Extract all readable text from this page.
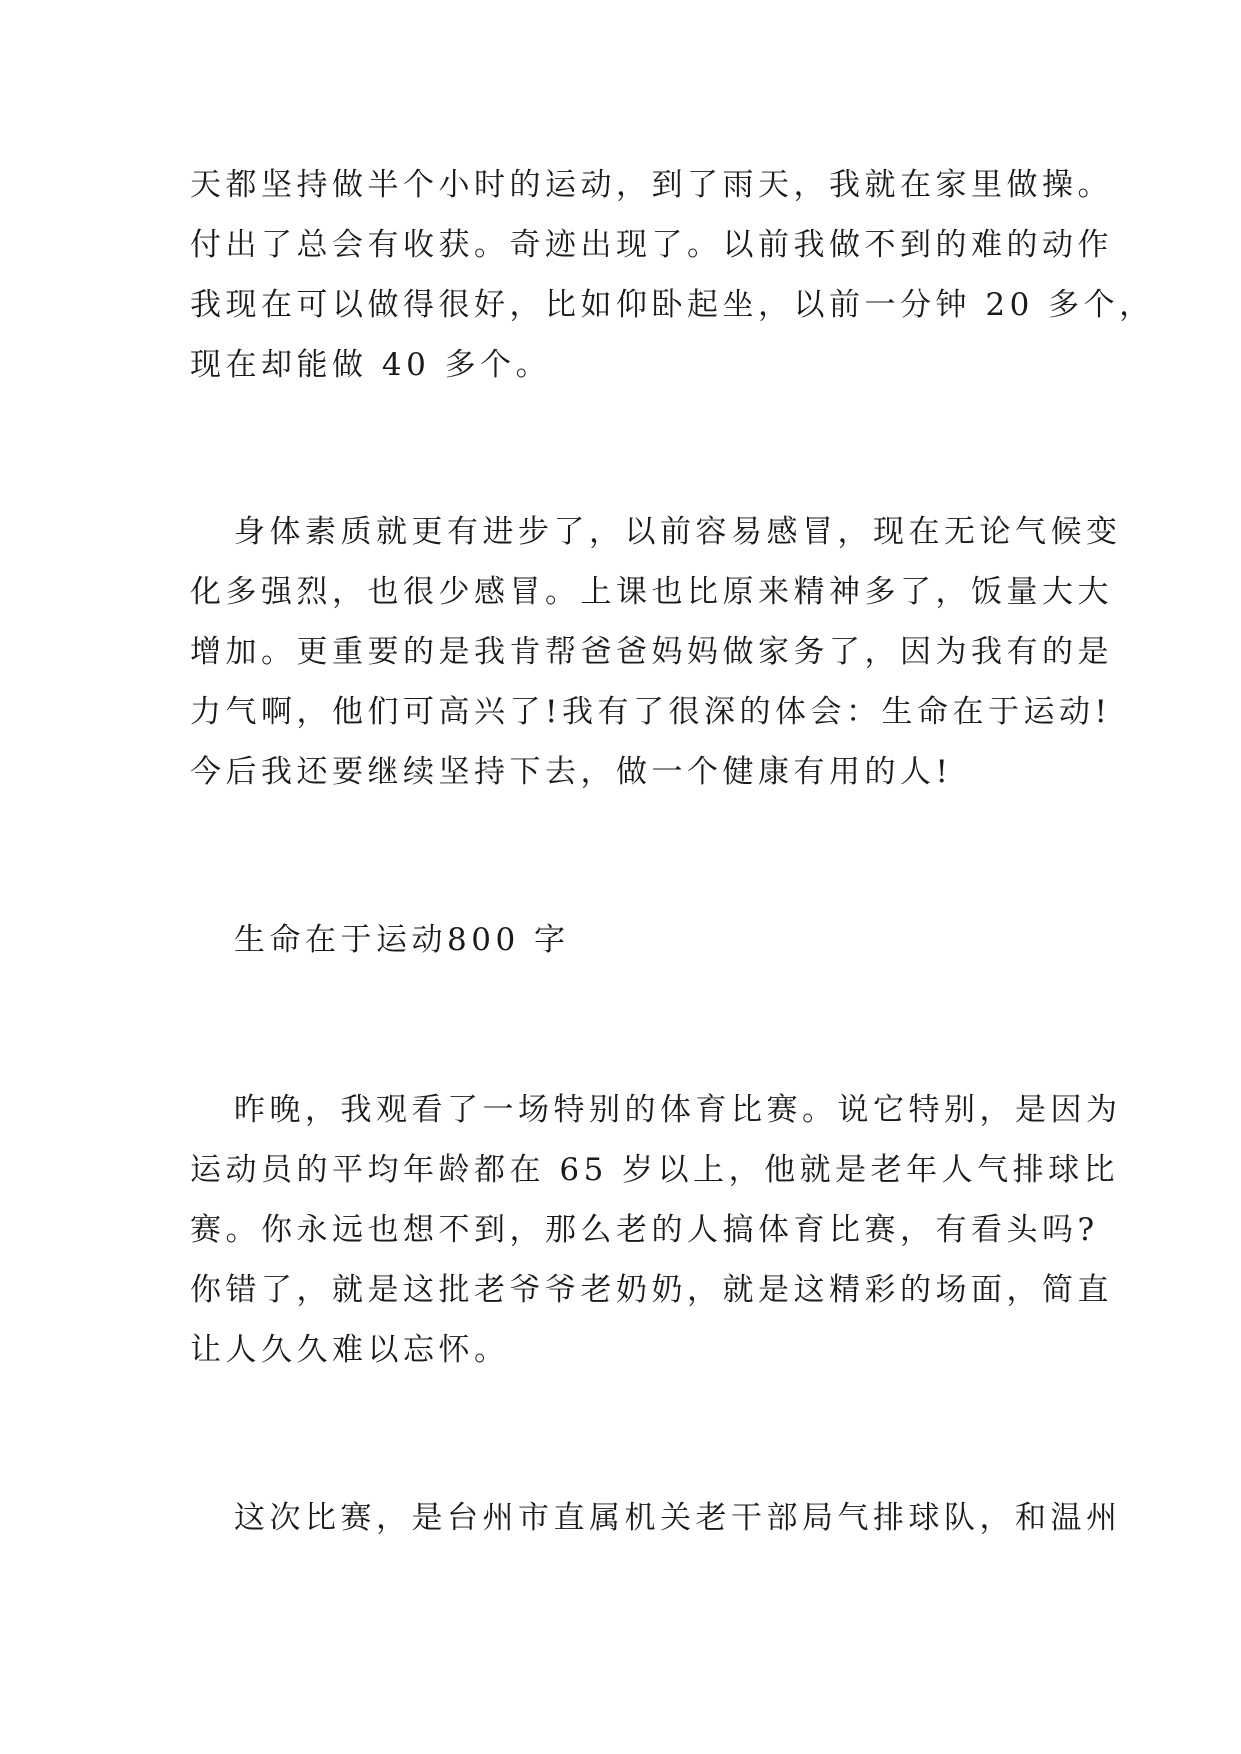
天都坚持做半个小时的运动，到了雨天，我就在家里做操。
付出了总会有收获。奇迹出现了。以前我做不到的难的动作
我现在可以做得很好，比如仰卧起坐，以前一分钟 20 多个，
现在却能做 40 多个。
身体素质就更有进步了，以前容易感冒，现在无论气候变
化多强烈，也很少感冒。上课也比原来精神多了，饭量大大
增加。更重要的是我肯帮爸爸妈妈做家务了，因为我有的是
力气啊，他们可高兴了!我有了很深的体会：生命在于运动!
今后我还要继续坚持下去，做一个健康有用的人!
生命在于运动800 字
昨晚，我观看了一场特别的体育比赛。说它特别，是因为
运动员的平均年龄都在 65 岁以上，他就是老年人气排球比
赛。你永远也想不到，那么老的人搞体育比赛，有看头吗?
你错了，就是这批老爷爷老奶奶，就是这精彩的场面，简直
让人久久难以忘怀。
这次比赛，是台州市直属机关老干部局气排球队，和温州
